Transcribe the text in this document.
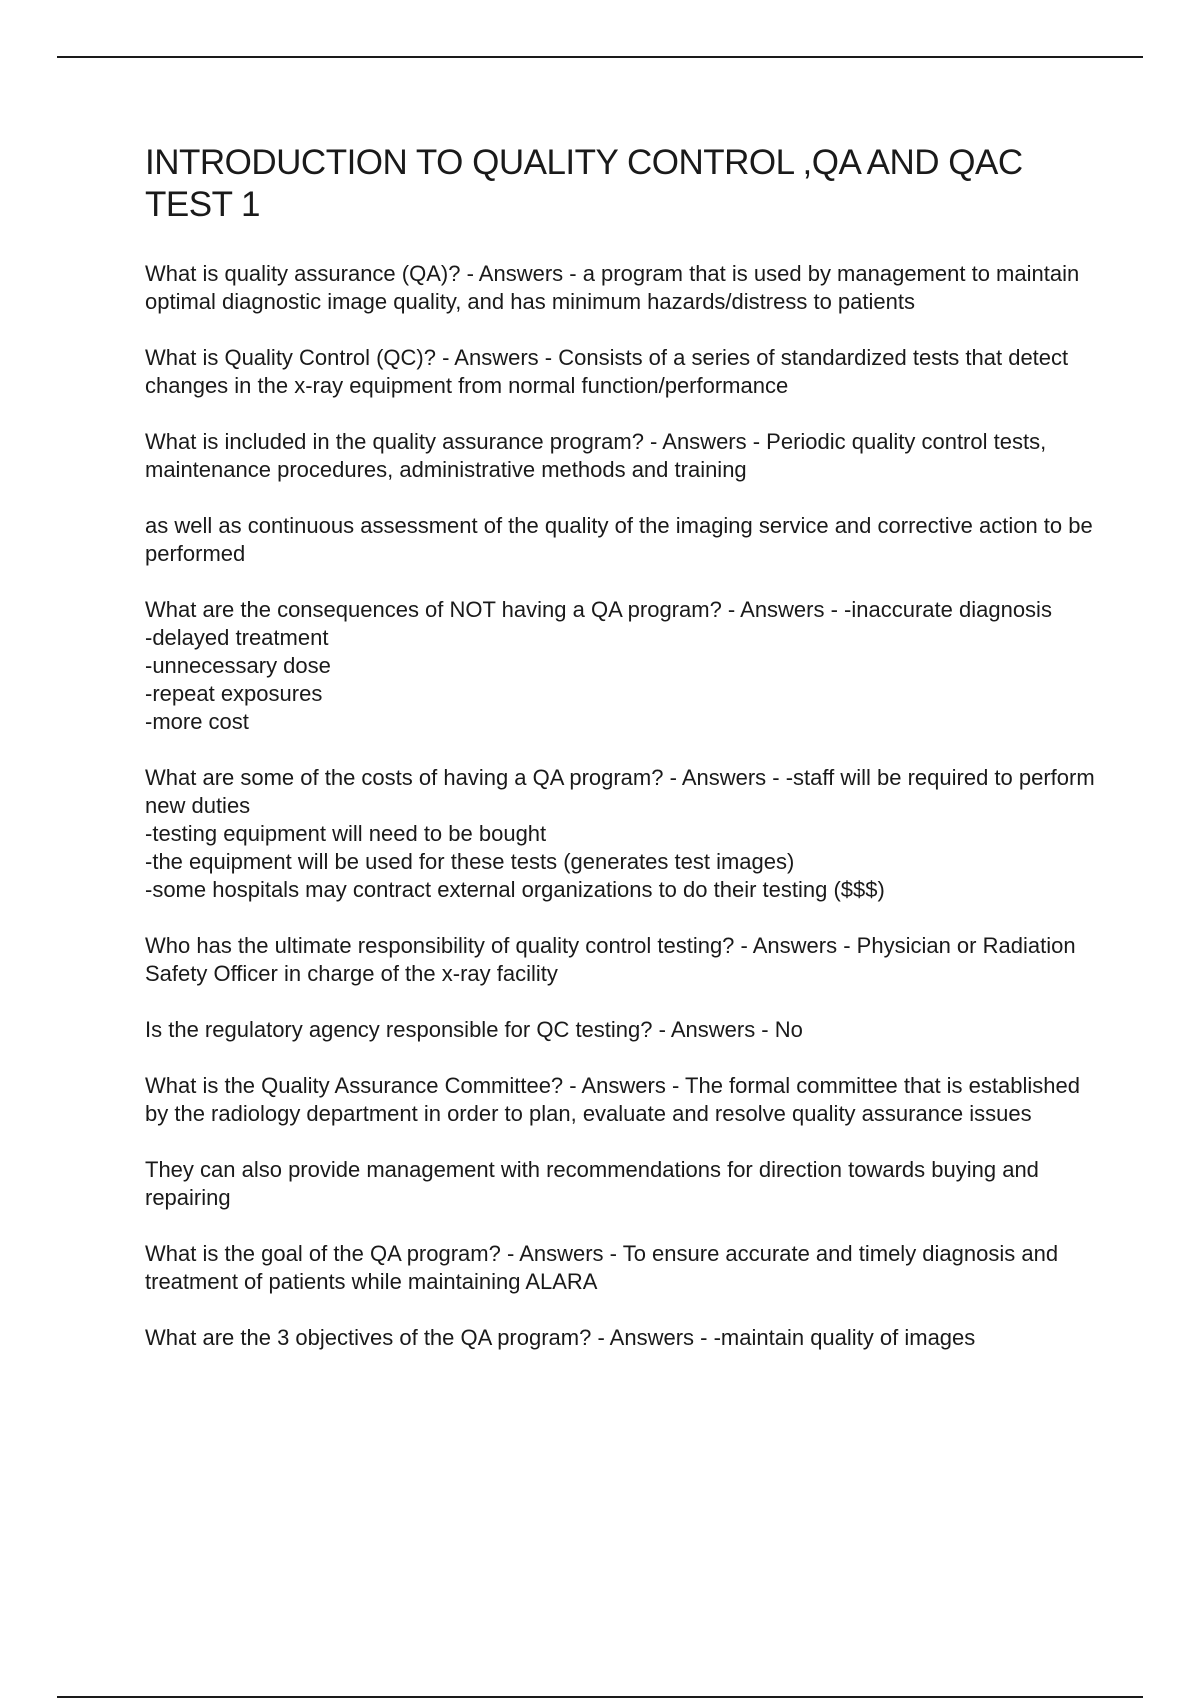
INTRODUCTION TO QUALITY CONTROL ,QA AND QAC TEST 1

What is quality assurance (QA)? - Answers - a program that is used by management to maintain optimal diagnostic image quality, and has minimum hazards/distress to patients

What is Quality Control (QC)? - Answers - Consists of a series of standardized tests that detect changes in the x-ray equipment from normal function/performance

What is included in the quality assurance program? - Answers - Periodic quality control tests, maintenance procedures, administrative methods and training

as well as continuous assessment of the quality of the imaging service and corrective action to be performed

What are the consequences of NOT having a QA program? - Answers - -inaccurate diagnosis
-delayed treatment
-unnecessary dose
-repeat exposures
-more cost

What are some of the costs of having a QA program? - Answers - -staff will be required to perform new duties
-testing equipment will need to be bought
-the equipment will be used for these tests (generates test images)
-some hospitals may contract external organizations to do their testing ($$$)

Who has the ultimate responsibility of quality control testing? - Answers - Physician or Radiation Safety Officer in charge of the x-ray facility

Is the regulatory agency responsible for QC testing? - Answers - No

What is the Quality Assurance Committee? - Answers - The formal committee that is established by the radiology department in order to plan, evaluate and resolve quality assurance issues

They can also provide management with recommendations for direction towards buying and repairing

What is the goal of the QA program? - Answers - To ensure accurate and timely diagnosis and treatment of patients while maintaining ALARA

What are the 3 objectives of the QA program? - Answers - -maintain quality of images
